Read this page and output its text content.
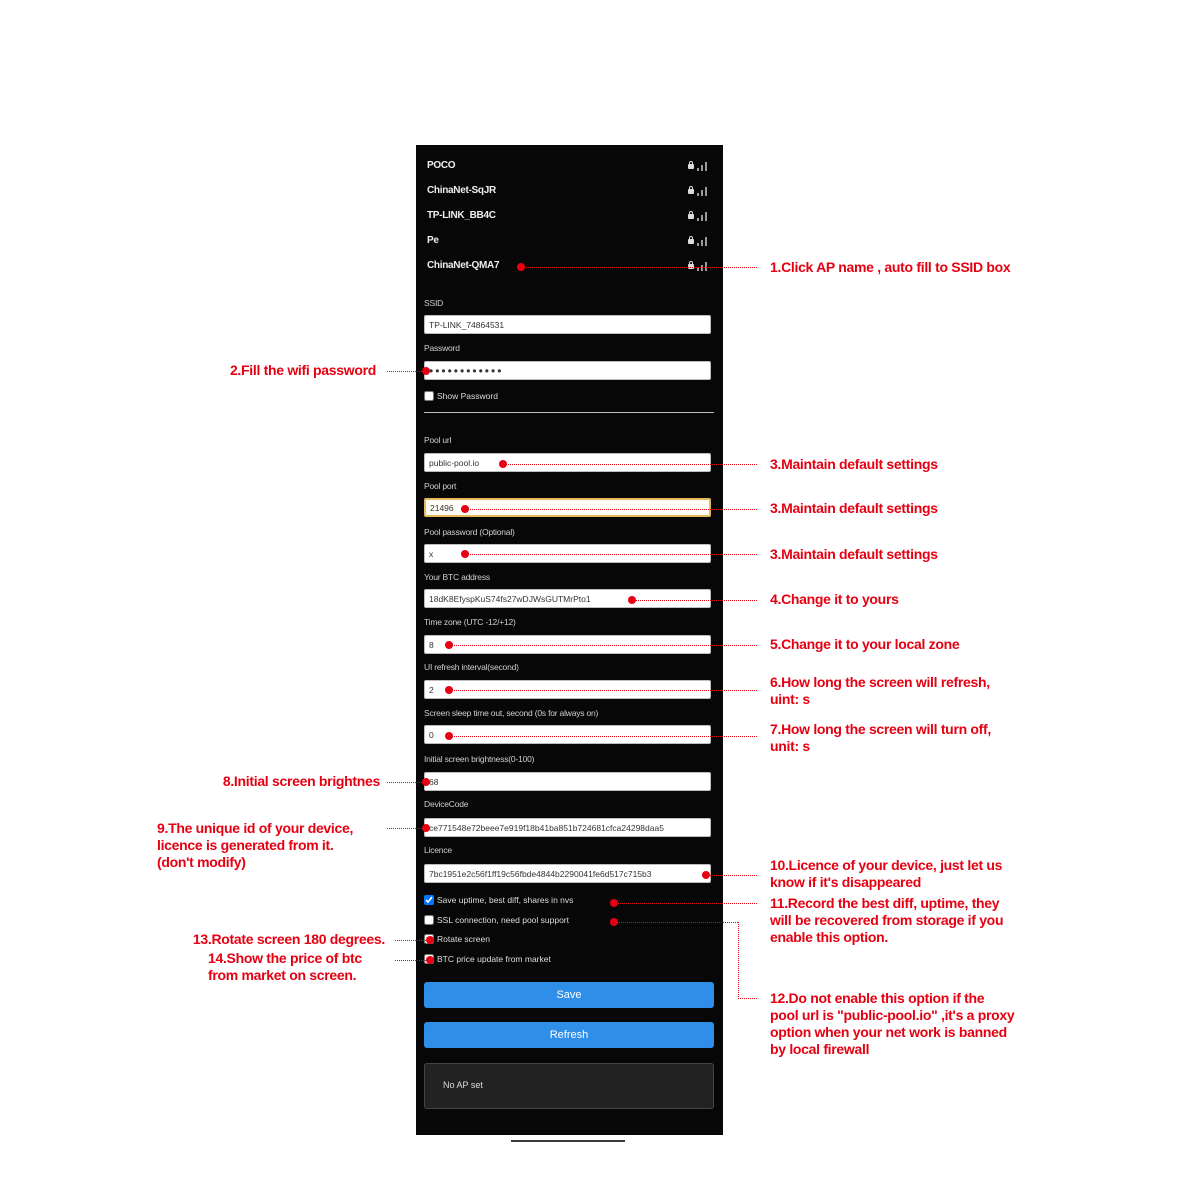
POCO
ChinaNet-SqJR
TP-LINK_BB4C
Pe
ChinaNet-QMA7
SSID
TP-LINK_74864531
Password
••••••••••••
Show Password
Pool url
public-pool.io
Pool port
21496
Pool password (Optional)
x
Your BTC address
18dK8EfyspKuS74fs27wDJWsGUTMrPto1
Time zone (UTC -12/+12)
8
UI refresh interval(second)
2
Screen sleep time out, second (0s for always on)
0
Initial screen brightness(0-100)
68
DeviceCode
ce771548e72beee7e919f18b41ba851b724681cfca24298daa5
Licence
7bc1951e2c56f1ff19c56fbde4844b2290041fe6d517c715b3
Save uptime, best diff, shares in nvs
SSL connection, need pool support
Rotate screen
BTC price update from market
Save
Refresh
No AP set
1.Click AP name , auto fill to SSID box
2.Fill the wifi password
3.Maintain default settings
3.Maintain default settings
3.Maintain default settings
4.Change it to yours
5.Change it to your local zone
6.How long the screen will refresh,
uint: s
7.How long the screen will turn off,
unit: s
8.Initial screen brightnes
9.The unique id of your device,
licence is generated from it.
(don't modify)	10.Licence of your device, just let us
know if it's disappeared
11.Record the best diff, uptime, they
will be recovered from storage if you
enable this option.
12.Do not enable this option if the
pool url is "public-pool.io" ,it's a proxy
option when your net work is banned
by local firewall
13.Rotate screen 180 degrees.
14.Show the price of btc
from market on screen.
